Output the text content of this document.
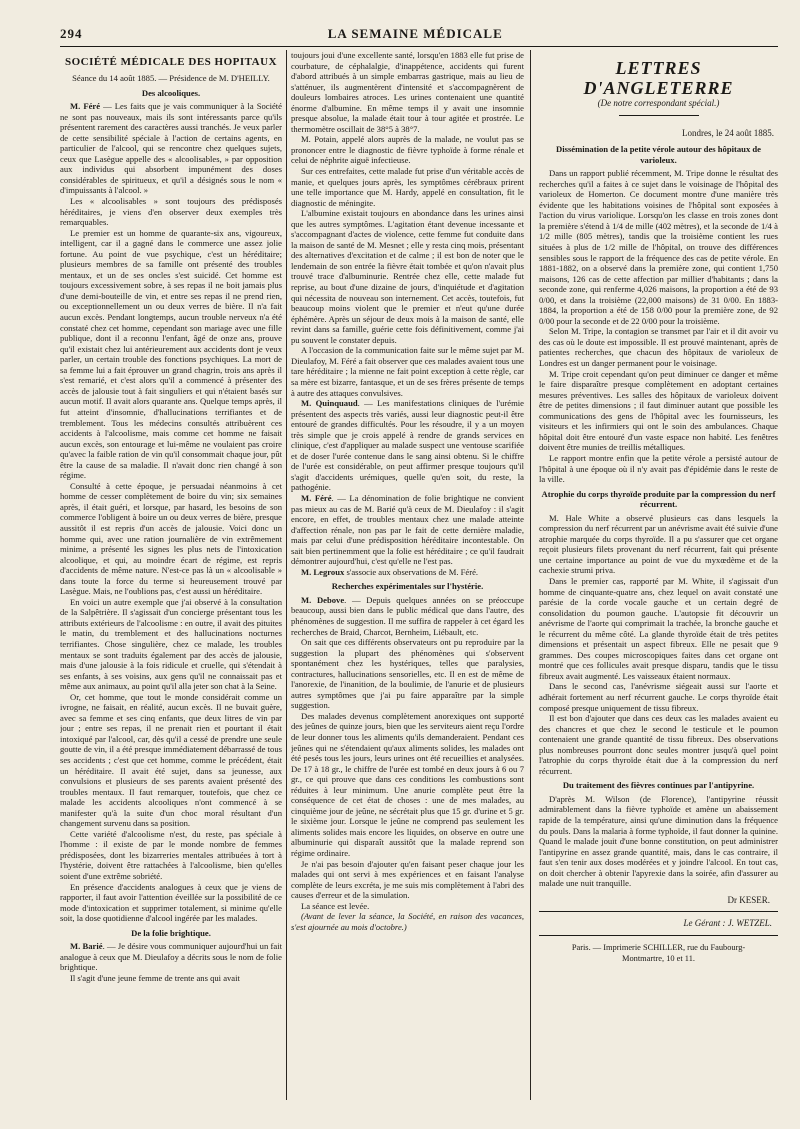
294	LA SEMAINE MÉDICALE
SOCIÉTÉ MÉDICALE DES HOPITAUX
Séance du 14 août 1885. — Présidence de M. D'HEILLY.
Des alcooliques.

M. Féré — Les faits que je vais communiquer à la Société ne sont pas nouveaux, mais ils sont intéressants parce qu'ils présentent rarement des caractères aussi tranchés. Je veux parler de cette sensibilité spéciale à l'action de certains agents, en particulier de l'alcool, qui se rencontre chez quelques sujets, ceux que Lasègue appelle des « alcoolisables, » par opposition aux individus qui absorbent impunément des doses considérables de spiritueux, et qu'il a désignés sous le nom « d'impuissants à l'alcool. »

Les « alcoolisables » sont toujours des prédisposés héréditaires, je viens d'en observer deux exemples très remarquables.

Le premier est un homme de quarante-six ans, vigoureux, intelligent, car il a gagné dans le commerce une assez jolie fortune. Au point de vue psychique, c'est un héréditaire; plusieurs membres de sa famille ont présenté des troubles mentaux, et un de ses oncles s'est suicidé. Cet homme est toujours excessivement sobre, à ses repas il ne boit jamais plus d'une demi-bouteille de vin, et entre ses repas il ne prend rien, ou exceptionnellement un ou deux verres de bière. Il n'a fait aucun excès. Pendant longtemps, aucun trouble nerveux n'a été constaté chez cet homme, cependant son mariage avec une fille publique, dont il a reconnu l'enfant, âgé de onze ans, prouve qu'il existait chez lui antérieurement aux accidents dont je veux parler, un certain trouble des fonctions psychiques. La mort de sa femme lui a fait éprouver un grand chagrin, trois ans après il s'est remarié, et c'est alors qu'il a commencé à présenter des accès de jalousie tout à fait singuliers et qui n'étaient basés sur aucun motif. Il avait alors quarante ans. Quelque temps après, il fut atteint d'insomnie, d'hallucinations terrifiantes et de tremblement. Tous les médecins consultés attribuèrent ces accidents à l'alcoolisme, mais comme cet homme ne faisait aucun excès, son entourage et lui-même ne voulaient pas croire qu'avec la faible ration de vin qu'il consommait chaque jour, pût être la cause de sa maladie. Il n'avait donc rien changé à son régime.

Consulté à cette époque, je persuadai néanmoins à cet homme de cesser complètement de boire du vin; six semaines après, il était guéri, et lorsque, par hasard, les besoins de son commerce l'obligent à boire un ou deux verres de bière, presque aussitôt il est repris d'un accès de jalousie. Voici donc un homme qui, avec une ration journalière de vin extrêmement minime, a présenté les signes les plus nets de l'intoxication alcoolique, et qui, au moindre écart de régime, est repris d'accidents de même nature. N'est-ce pas là un « alcoolisable » dans toute la force du terme si heureusement trouvé par Lasègue. Mais, ne l'oublions pas, c'est aussi un héréditaire.

En voici un autre exemple que j'ai observé à la consultation de la Salpêtrière. Il s'agissait d'un concierge présentant tous les attributs extérieurs de l'alcoolisme : en outre, il avait des pituites le matin, du tremblement et des hallucinations nocturnes terrifiantes. Chose singulière, chez ce malade, les troubles mentaux se sont traduits également par des accès de jalousie, mais d'une jalousie à la fois ridicule et cruelle, qui s'étendait à ses enfants, à ses voisins, aux gens qu'il ne connaissait pas et même aux animaux, au point qu'il alla jeter son chat à la Seine.

Or, cet homme, que tout le monde considérait comme un ivrogne, ne faisait, en réalité, aucun excès. Il ne buvait guère, avec sa femme et ses cinq enfants, que deux litres de vin par jour ; entre ses repas, il ne prenait rien et pourtant il était intoxiqué par l'alcool, car, dès qu'il a cessé de prendre une seule goutte de vin, il a été presque immédiatement débarrassé de tous ses accidents ; c'est que cet homme, comme le précédent, était un héréditaire. Il avait été sujet, dans sa jeunesse, aux convulsions et plusieurs de ses parents avaient présenté des troubles mentaux. Il faut remarquer, toutefois, que chez ce malade les accidents alcooliques n'ont commencé à se manifester qu'à la suite d'un choc moral résultant d'un changement survenu dans sa position.

Cette variété d'alcoolisme n'est, du reste, pas spéciale à l'homme : il existe de par le monde nombre de femmes prédisposées, dont les bizarreries mentales attribuées à tort à l'hystérie, doivent être rattachées à l'alcoolisme, bien qu'elles soient d'une extrême sobriété.

En présence d'accidents analogues à ceux que je viens de rapporter, il faut avoir l'attention éveillée sur la possibilité de ce mode d'intoxication et supprimer totalement, si minime qu'elle soit, la dose quotidienne d'alcool ingérée par les malades.

De la folie brightique.

M. Barié. — Je désire vous communiquer aujourd'hui un fait analogue à ceux que M. Dieulafoy a décrits sous le nom de folie brightique.

Il s'agit d'une jeune femme de trente ans qui avait

toujours joui d'une excellente santé, lorsqu'en 1883 elle fut prise de courbature, de céphalalgie, d'inappétence, accidents qui furent d'abord attribués à un simple embarras gastrique, mais au lieu de s'atténuer, ils augmentèrent d'intensité et s'accompagnèrent de douleurs lombaires atroces. Les urines contenaient une quantité énorme d'albumine. En même temps il y avait une insomnie presque absolue, la malade était tour à tour agitée et prostrée. Le thermomètre oscillait de 38°5 à 38°7.

M. Potain, appelé alors auprès de la malade, ne voulut pas se prononcer entre le diagnostic de fièvre typhoïde à forme rénale et celui de néphrite aiguë infectieuse.

Sur ces entrefaites, cette malade fut prise d'un véritable accès de manie, et quelques jours après, les symptômes cérébraux prirent une telle importance que M. Hardy, appelé en consultation, fit le diagnostic de méningite.

L'albumine existait toujours en abondance dans les urines ainsi que les autres symptômes. L'agitation étant devenue incessante et s'accompagnant d'actes de violence, cette femme fut conduite dans la maison de santé de M. Mesnet ; elle y resta cinq mois, présentant des alternatives d'excitation et de calme ; il est bon de noter que le lendemain de son entrée la fièvre était tombée et qu'on n'avait plus trouvé trace d'albuminurie. Rentrée chez elle, cette malade fut reprise, au bout d'une dizaine de jours, d'inquiétude et d'agitation qui nécessita de nouveau son internement. Cet accès, toutefois, fut beaucoup moins violent que le premier et n'eut qu'une durée éphémère. Après un séjour de deux mois à la maison de santé, elle revint dans sa famille, guérie cette fois définitivement, comme j'ai pu souvent le constater depuis.

A l'occasion de la communication faite sur le même sujet par M. Dieulafoy, M. Féré a fait observer que ces malades avaient tous une tare héréditaire ; la mienne ne fait point exception à cette règle, car sa mère est bizarre, fantasque, et un de ses frères présente de temps à autre des attaques convulsives.

M. Quinquaud. — Les manifestations cliniques de l'urémie présentent des aspects très variés, aussi leur diagnostic peut-il être entouré de grandes difficultés. Pour les résoudre, il y a un moyen très simple que je crois appelé à rendre de grands services en clinique, c'est d'appliquer au malade suspect une ventouse scarifiée et de doser l'urée contenue dans le sang ainsi obtenu. Si le chiffre de l'urée est considérable, on peut affirmer presque toujours qu'il s'agit d'accidents urémiques, quelle qu'en soit, du reste, la pathogénie.

M. Féré. — La dénomination de folie brightique ne convient pas mieux au cas de M. Barié qu'à ceux de M. Dieulafoy : il s'agit encore, en effet, de troubles mentaux chez une malade atteinte d'affection rénale, non pas par le fait de cette dernière maladie, mais par celui d'une prédisposition héréditaire incontestable. On sait bien pertinemment que la folie est héréditaire ; ce qu'il faudrait démontrer aujourd'hui, c'est qu'elle ne l'est pas.

M. Legroux s'associe aux observations de M. Féré.

Recherches expérimentales sur l'hystérie.

M. Debove. — Depuis quelques années on se préoccupe beaucoup, aussi bien dans le public médical que dans l'autre, des phénomènes de suggestion. Il me suffira de rappeler à cet égard les recherches de Braid, Charcot, Bernheim, Liébault, etc.

On sait que ces différents observateurs ont pu reproduire par la suggestion la plupart des phénomènes qui s'observent spontanément chez les hystériques, telles que paralysies, contractures, hallucinations sensorielles, etc. Il en est de même de l'anorexie, de l'inanition, de la boulimie, de l'anurie et de plusieurs autres symptômes que j'ai pu faire apparaître par la simple suggestion.

Des malades devenus complètement anorexiques ont supporté des jeûnes de quinze jours, bien que les serviteurs aient reçu l'ordre de leur donner tous les aliments qu'ils demanderaient. Pendant ces jeûnes qui ne s'étendaient qu'aux aliments solides, les malades ont été pesés tous les jours, leurs urines ont été recueillies et analysées. De 17 à 18 gr., le chiffre de l'urée est tombé en deux jours à 6 ou 7 gr., ce qui prouve que dans ces conditions les combustions sont réduites à leur minimum. Une anurie complète peut être la conséquence de cet état de choses : une de mes malades, au cinquième jour de jeûne, ne sécrétait plus que 15 gr. d'urine et 5 gr. le sixième jour. Lorsque le jeûne ne comprend pas seulement les aliments solides mais encore les liquides, on observe en outre une albuminurie qui disparaît aussitôt que la malade reprend son régime ordinaire.

Je n'ai pas besoin d'ajouter qu'en faisant peser chaque jour les malades qui ont servi à mes expériences et en faisant l'analyse complète de leurs excréta, je me suis mis complètement à l'abri des causes d'erreur et de la simulation.

La séance est levée.

(Avant de lever la séance, la Société, en raison des vacances, s'est ajournée au mois d'octobre.)

LETTRES D'ANGLETERRE
(De notre correspondant spécial.)
Londres, le 24 août 1885.
Dissémination de la petite vérole autour des hôpitaux de varioleux.

Dans un rapport publié récemment, M. Tripe donne le résultat des recherches qu'il a faites à ce sujet dans le voisinage de l'hôpital des varioleux de Homerton. Ce document montre d'une manière très évidente que les habitations voisines de l'hôpital sont exposées à l'action du virus variolique. Lorsqu'on les classe en trois zones dont la première s'étend à 1/4 de mille (402 mètres), et la seconde de 1/4 à 1/2 mille (805 mètres), tandis que la troisième contient les rues situées à plus de 1/2 mille de l'hôpital, on trouve des différences sensibles sous le rapport de la fréquence des cas de petite vérole. En 1881-1882, on a observé dans la première zone, qui contient 1,750 maisons, 126 cas de cette affection par millier d'habitants ; dans la seconde zone, qui renferme 4,026 maisons, la proportion a été de 93 0/00, et dans la troisième (22,000 maisons) de 31 0/00. En 1883-1884, la proportion a été de 158 0/00 pour la première zone, de 92 0/00 pour la seconde et de 22 0/00 pour la troisième.

Selon M. Tripe, la contagion se transmet par l'air et il dit avoir vu des cas où le doute est impossible. Il est prouvé maintenant, après de patientes recherches, que chacun des hôpitaux de varioleux de Londres est un danger permanent pour le voisinage.

M. Tripe croit cependant qu'on peut diminuer ce danger et même le faire disparaître presque complètement en adoptant certaines mesures préventives. Les salles des hôpitaux de varioleux doivent être de petites dimensions ; il faut diminuer autant que possible les communications des gens de l'hôpital avec les fournisseurs, les visiteurs et les infirmiers qui ont le soin des ambulances. Chaque hôpital doit être entouré d'un vaste espace non habité. Les fenêtres doivent être munies de treillis métalliques.

Le rapport montre enfin que la petite vérole a persisté autour de l'hôpital à une époque où il n'y avait pas d'épidémie dans le reste de la ville.

Atrophie du corps thyroïde produite par la compression du nerf récurrent.

M. Hale White a observé plusieurs cas dans lesquels la compression du nerf récurrent par un anévrisme avait été suivie d'une atrophie marquée du corps thyroïde. Il a pu s'assurer que cet organe reçoit plusieurs filets provenant du nerf récurrent, fait qui présente une certaine importance au point de vue du myxœdème et de la cachexie strumi priva.

Dans le premier cas, rapporté par M. White, il s'agissait d'un homme de cinquante-quatre ans, chez lequel on avait constaté une parésie de la corde vocale gauche et un certain degré de consolidation du poumon gauche. L'autopsie fit découvrir un anévrisme de l'aorte qui comprimait la trachée, la bronche gauche et le récurrent du même côté. La glande thyroïde était de très petites dimensions et présentait un aspect fibreux. Elle ne pesait que 9 grammes. Des coupes microscopiques faites dans cet organe ont montré que ces follicules avait presque disparu, tandis que le tissu fibreux avait augmenté. Les vaisseaux étaient normaux.

Dans le second cas, l'anévrisme siégeait aussi sur l'aorte et adhérait fortement au nerf récurrent gauche. Le corps thyroïde était composé presque uniquement de tissu fibreux.

Il est bon d'ajouter que dans ces deux cas les malades avaient eu des chancres et que chez le second le testicule et le poumon contenaient une grande quantité de tissu fibreux. Des observations plus nombreuses pourront donc seules montrer jusqu'à quel point l'atrophie du corps thyroïde était due à la compression du nerf récurrent.

Du traitement des fièvres continues par l'antipyrine.

D'après M. Wilson (de Florence), l'antipyrine réussit admirablement dans la fièvre typhoïde et amène un abaissement rapide de la température, ainsi qu'une diminution dans la fréquence du pouls. Dans la malaria à forme typhoïde, il faut donner la quinine. Quand le malade jouit d'une bonne constitution, on peut administrer l'antipyrine en assez grande quantité, mais, dans le cas contraire, il faut s'en tenir aux doses modérées et y joindre l'alcool. En tout cas, on doit chercher à obtenir l'apyrexie dans la soirée, afin d'assurer au malade une nuit tranquille.

Dr KESER.
Le Gérant : J. WETZEL.
Paris. — Imprimerie SCHILLER, rue du Faubourg-
Montmartre, 10 et 11.
